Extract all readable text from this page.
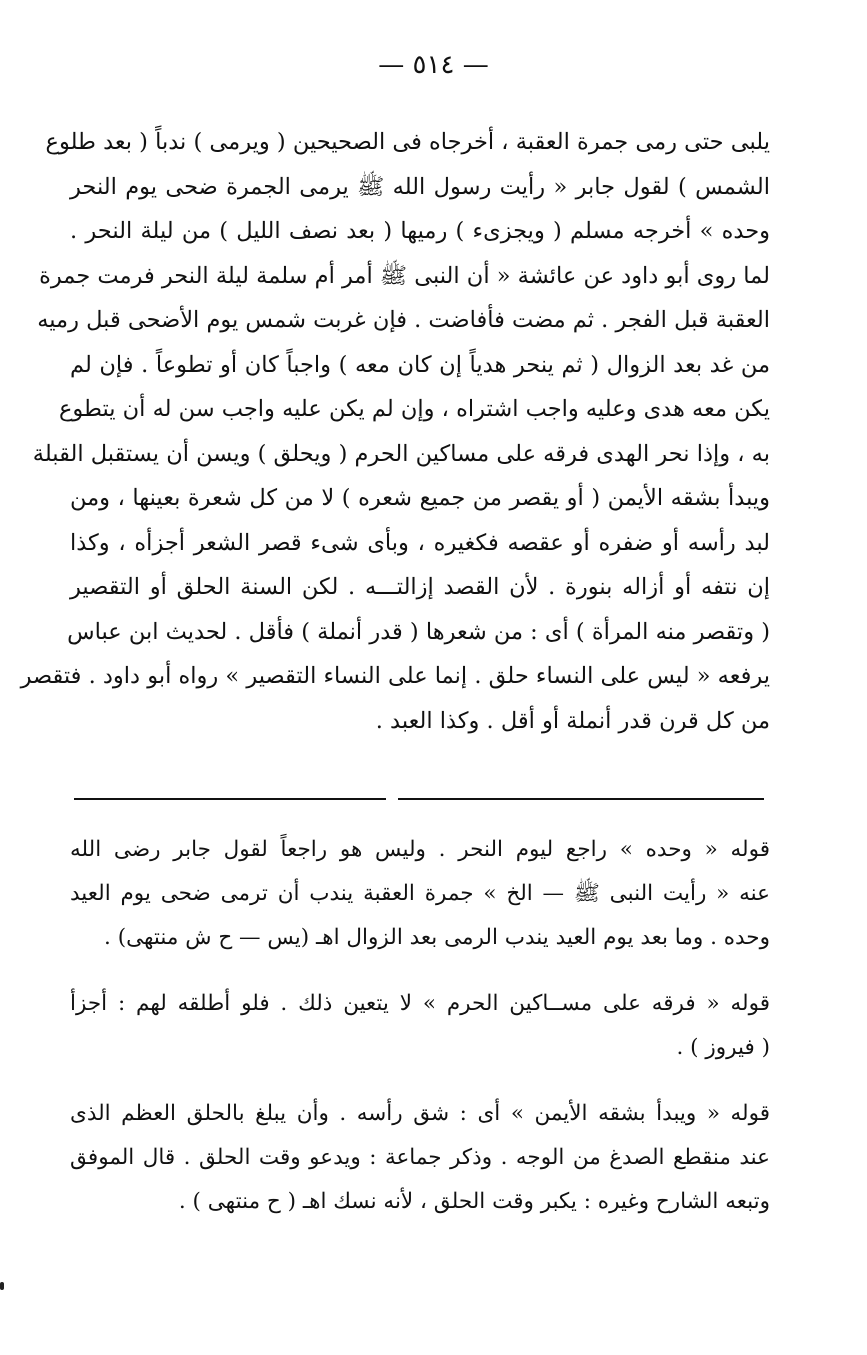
— ٥١٤ —
يلبى حتى رمى جمرة العقبة ، أخرجاه فى الصحيحين ( ويرمى ) ندباً ( بعد طلوع
الشمس ) لقول جابر « رأيت رسول الله ﷺ يرمى الجمرة ضحى يوم النحر
وحده » أخرجه مسلم ( ويجزىء ) رميها ( بعد نصف الليل ) من ليلة النحر .
لما روى أبو داود عن عائشة « أن النبى ﷺ أمر أم سلمة ليلة النحر فرمت جمرة
العقبة قبل الفجر . ثم مضت فأفاضت . فإن غربت شمس يوم الأضحى قبل رميه
من غد بعد الزوال ( ثم ينحر هدياً إن كان معه ) واجباً كان أو تطوعاً . فإن لم
يكن معه هدى وعليه واجب اشتراه ، وإن لم يكن عليه واجب سن له أن يتطوع
به ، وإذا نحر الهدى فرقه على مساكين الحرم ( ويحلق ) ويسن أن يستقبل القبلة
ويبدأ بشقه الأيمن ( أو يقصر من جميع شعره ) لا من كل شعرة بعينها ، ومن
لبد رأسه أو ضفره أو عقصه فكغيره ، وبأى شىء قصر الشعر أجزأه ، وكذا
إن نتفه أو أزاله بنورة . لأن القصد إزالتـــه . لكن السنة الحلق أو التقصير
( وتقصر منه المرأة ) أى : من شعرها ( قدر أنملة ) فأقل . لحديث ابن عباس
يرفعه « ليس على النساء حلق . إنما على النساء التقصير » رواه أبو داود . فتقصر
من كل قرن قدر أنملة أو أقل . وكذا العبد .
قوله « وحده » راجع ليوم النحر . وليس هو راجعاً لقول جابر رضى الله
عنه « رأيت النبى ﷺ — الخ » جمرة العقبة يندب أن ترمى ضحى يوم العيد
وحده . وما بعد يوم العيد يندب الرمى بعد الزوال اهـ (يس — ح ش منتهى) .
قوله « فرقه على مســاكين الحرم » لا يتعين ذلك . فلو أطلقه لهم : أجزأ
( فيروز ) .
قوله « ويبدأ بشقه الأيمن » أى : شق رأسه . وأن يبلغ بالحلق العظم الذى
عند منقطع الصدغ من الوجه . وذكر جماعة : ويدعو وقت الحلق . قال الموفق
وتبعه الشارح وغيره : يكبر وقت الحلق ، لأنه نسك اهـ ( ح منتهى ) .
